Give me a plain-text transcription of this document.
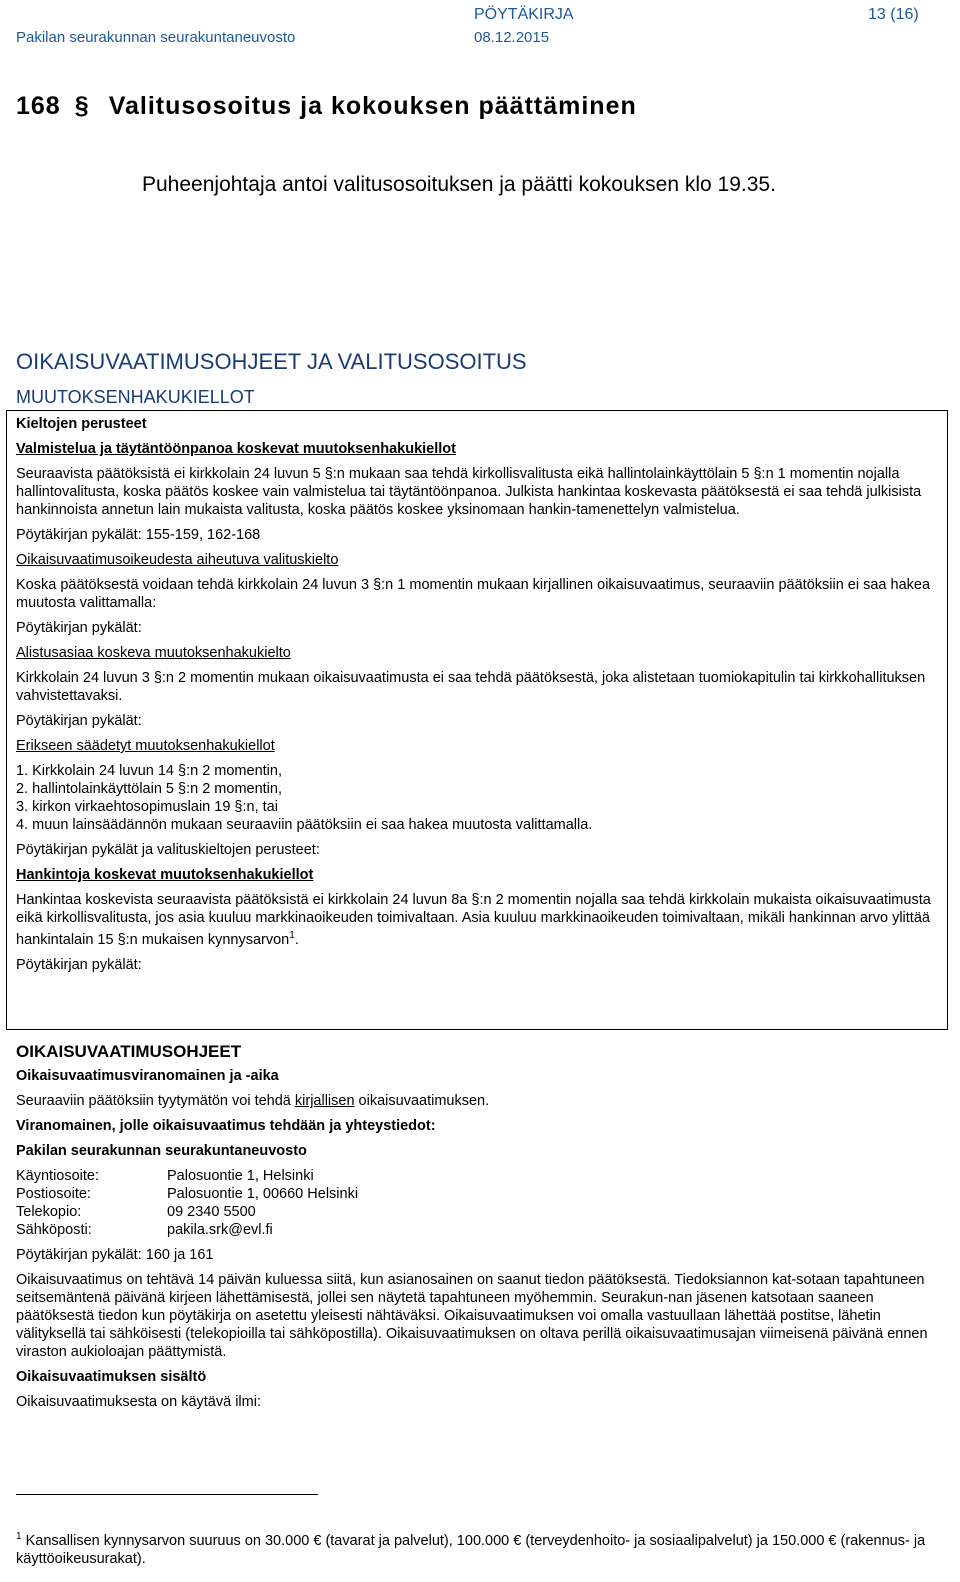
PÖYTÄKIRJA	13 (16)
Pakilan seurakunnan seurakuntaneuvosto	08.12.2015
168 § Valitusosoitus ja kokouksen päättäminen
Puheenjohtaja antoi valitusosoituksen ja päätti kokouksen klo 19.35.
OIKAISUVAATIMUSOHJEET JA VALITUSOSOITUS
MUUTOKSENHAKUKIELLOT

Kieltojen perusteet

Valmistelua ja täytäntöönpanoa koskevat muutoksenhakukiellot

Seuraavista päätöksistä ei kirkkolain 24 luvun 5 §:n mukaan saa tehdä kirkollisvalitusta eikä hallintolainkäyttölain 5 §:n 1 momentin nojalla hallintovalitusta, koska päätös koskee vain valmistelua tai täytäntöönpanoa. Julkista hankintaa koskevasta päätöksestä ei saa tehdä julkisista hankinnoista annetun lain mukaista valitusta, koska päätös koskee yksinomaan hankin-tamenettelyn valmistelua.

Pöytäkirjan pykälät: 155-159, 162-168

Oikaisuvaatimusoikeudesta aiheutuva valituskielto

Koska päätöksestä voidaan tehdä kirkkolain 24 luvun 3 §:n 1 momentin mukaan kirjallinen oikaisuvaatimus, seuraaviin päätöksiin ei saa hakea muutosta valittamalla:

Pöytäkirjan pykälät:

Alistusasiaa koskeva muutoksenhakukielto

Kirkkolain 24 luvun 3 §:n 2 momentin mukaan oikaisuvaatimusta ei saa tehdä päätöksestä, joka alistetaan tuomiokapitulin tai kirkkohallituksen vahvistettavaksi.

Pöytäkirjan pykälät:

Erikseen säädetyt muutoksenhakukiellot

1. Kirkkolain 24 luvun 14 §:n 2 momentin,

2. hallintolainkäyttölain 5 §:n 2 momentin,

3. kirkon virkaehtosopimuslain 19 §:n, tai

4. muun lainsäädännön mukaan seuraaviin päätöksiin ei saa hakea muutosta valittamalla.

Pöytäkirjan pykälät ja valituskieltojen perusteet:

Hankintoja koskevat muutoksenhakukiellot

Hankintaa koskevista seuraavista päätöksistä ei kirkkolain 24 luvun 8a §:n 2 momentin nojalla saa tehdä kirkkolain mukaista oikaisuvaatimusta eikä kirkollisvalitusta, jos asia kuuluu markkinaoikeuden toimivaltaan. Asia kuuluu markkinaoikeuden toimivaltaan, mikäli hankinnan arvo ylittää hankintalain 15 §:n mukaisen kynnysarvon$^1$.

Pöytäkirjan pykälät:

OIKAISUVAATIMUSOHJEET

Oikaisuvaatimusviranomainen ja -aika

Seuraaviin päätöksiin tyytymätön voi tehdä kirjallisen oikaisuvaatimuksen.

Viranomainen, jolle oikaisuvaatimus tehdään ja yhteystiedot:

Pakilan seurakunnan seurakuntaneuvosto

Käyntiosoite:	Palosuontie 1, Helsinki
Postiosoite:	Palosuontie 1, 00660 Helsinki
Telekopio:	09 2340 5500
Sähköposti:	pakila.srk@evl.fi

Pöytäkirjan pykälät: 160 ja 161

Oikaisuvaatimus on tehtävä 14 päivän kuluessa siitä, kun asianosainen on saanut tiedon päätöksestä. Tiedoksiannon kat-sotaan tapahtuneen seitsemäntenä päivänä kirjeen lähettämisestä, jollei sen näytetä tapahtuneen myöhemmin. Seurakun-nan jäsenen katsotaan saaneen päätöksestä tiedon kun pöytäkirja on asetettu yleisesti nähtäväksi. Oikaisuvaatimuksen voi omalla vastuullaan lähettää postitse, lähetin välityksellä tai sähköisesti (telekopioilla tai sähköpostilla). Oikaisuvaatimuksen on oltava perillä oikaisuvaatimusajan viimeisenä päivänä ennen viraston aukioloajan päättymistä.

Oikaisuvaatimuksen sisältö

Oikaisuvaatimuksesta on käytävä ilmi:

$^1$ Kansallisen kynnysarvon suuruus on 30.000 € (tavarat ja palvelut), 100.000 € (terveydenhoito- ja sosiaalipalvelut) ja 150.000 € (rakennus- ja käyttöoikeusurakat).
